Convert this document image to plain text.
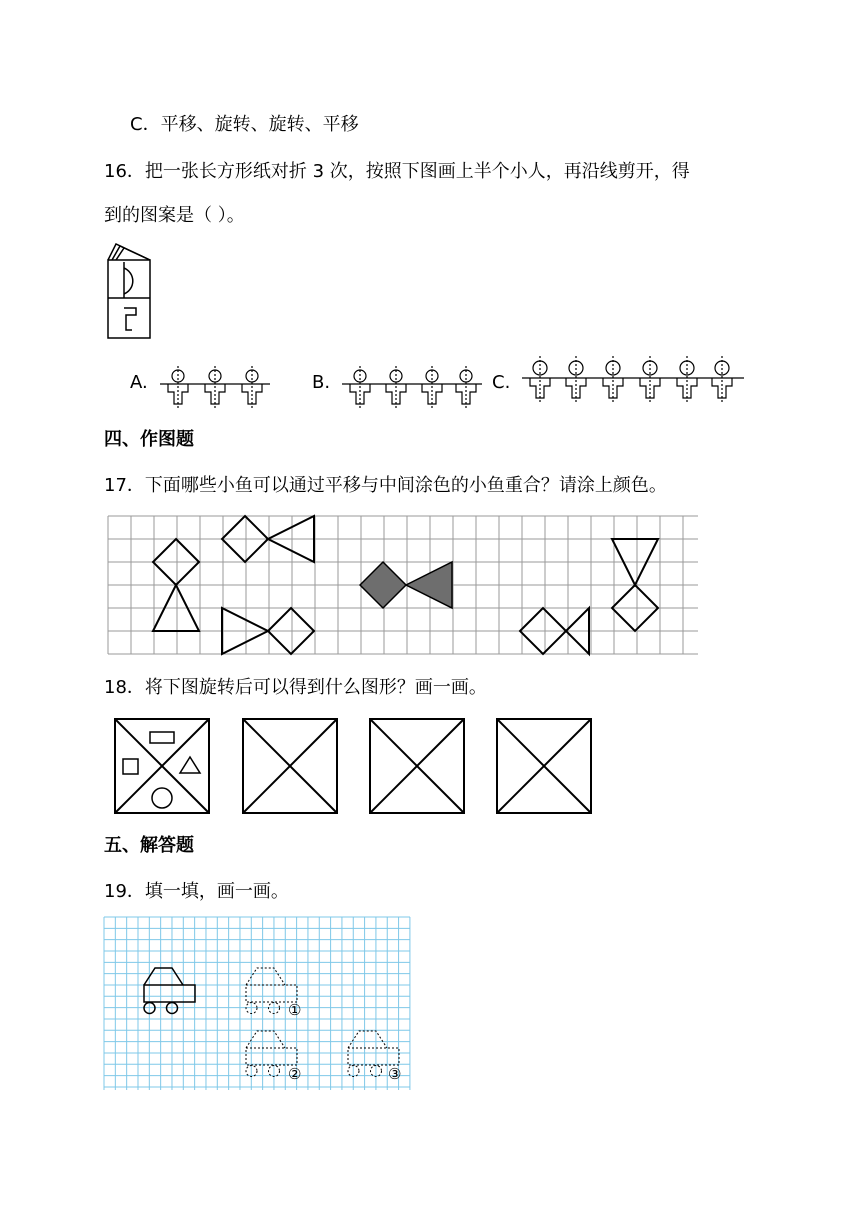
C．平移、旋转、旋转、平移
16．把一张长方形纸对折 3 次，按照下图画上半个小人，再沿线剪开，得
到的图案是（ ）。
A.	B.	C.
四、作图题
17．下面哪些小鱼可以通过平移与中间涂色的小鱼重合？请涂上颜色。
18．将下图旋转后可以得到什么图形？画一画。
五、解答题
19．填一填，画一画。
①
②	③
